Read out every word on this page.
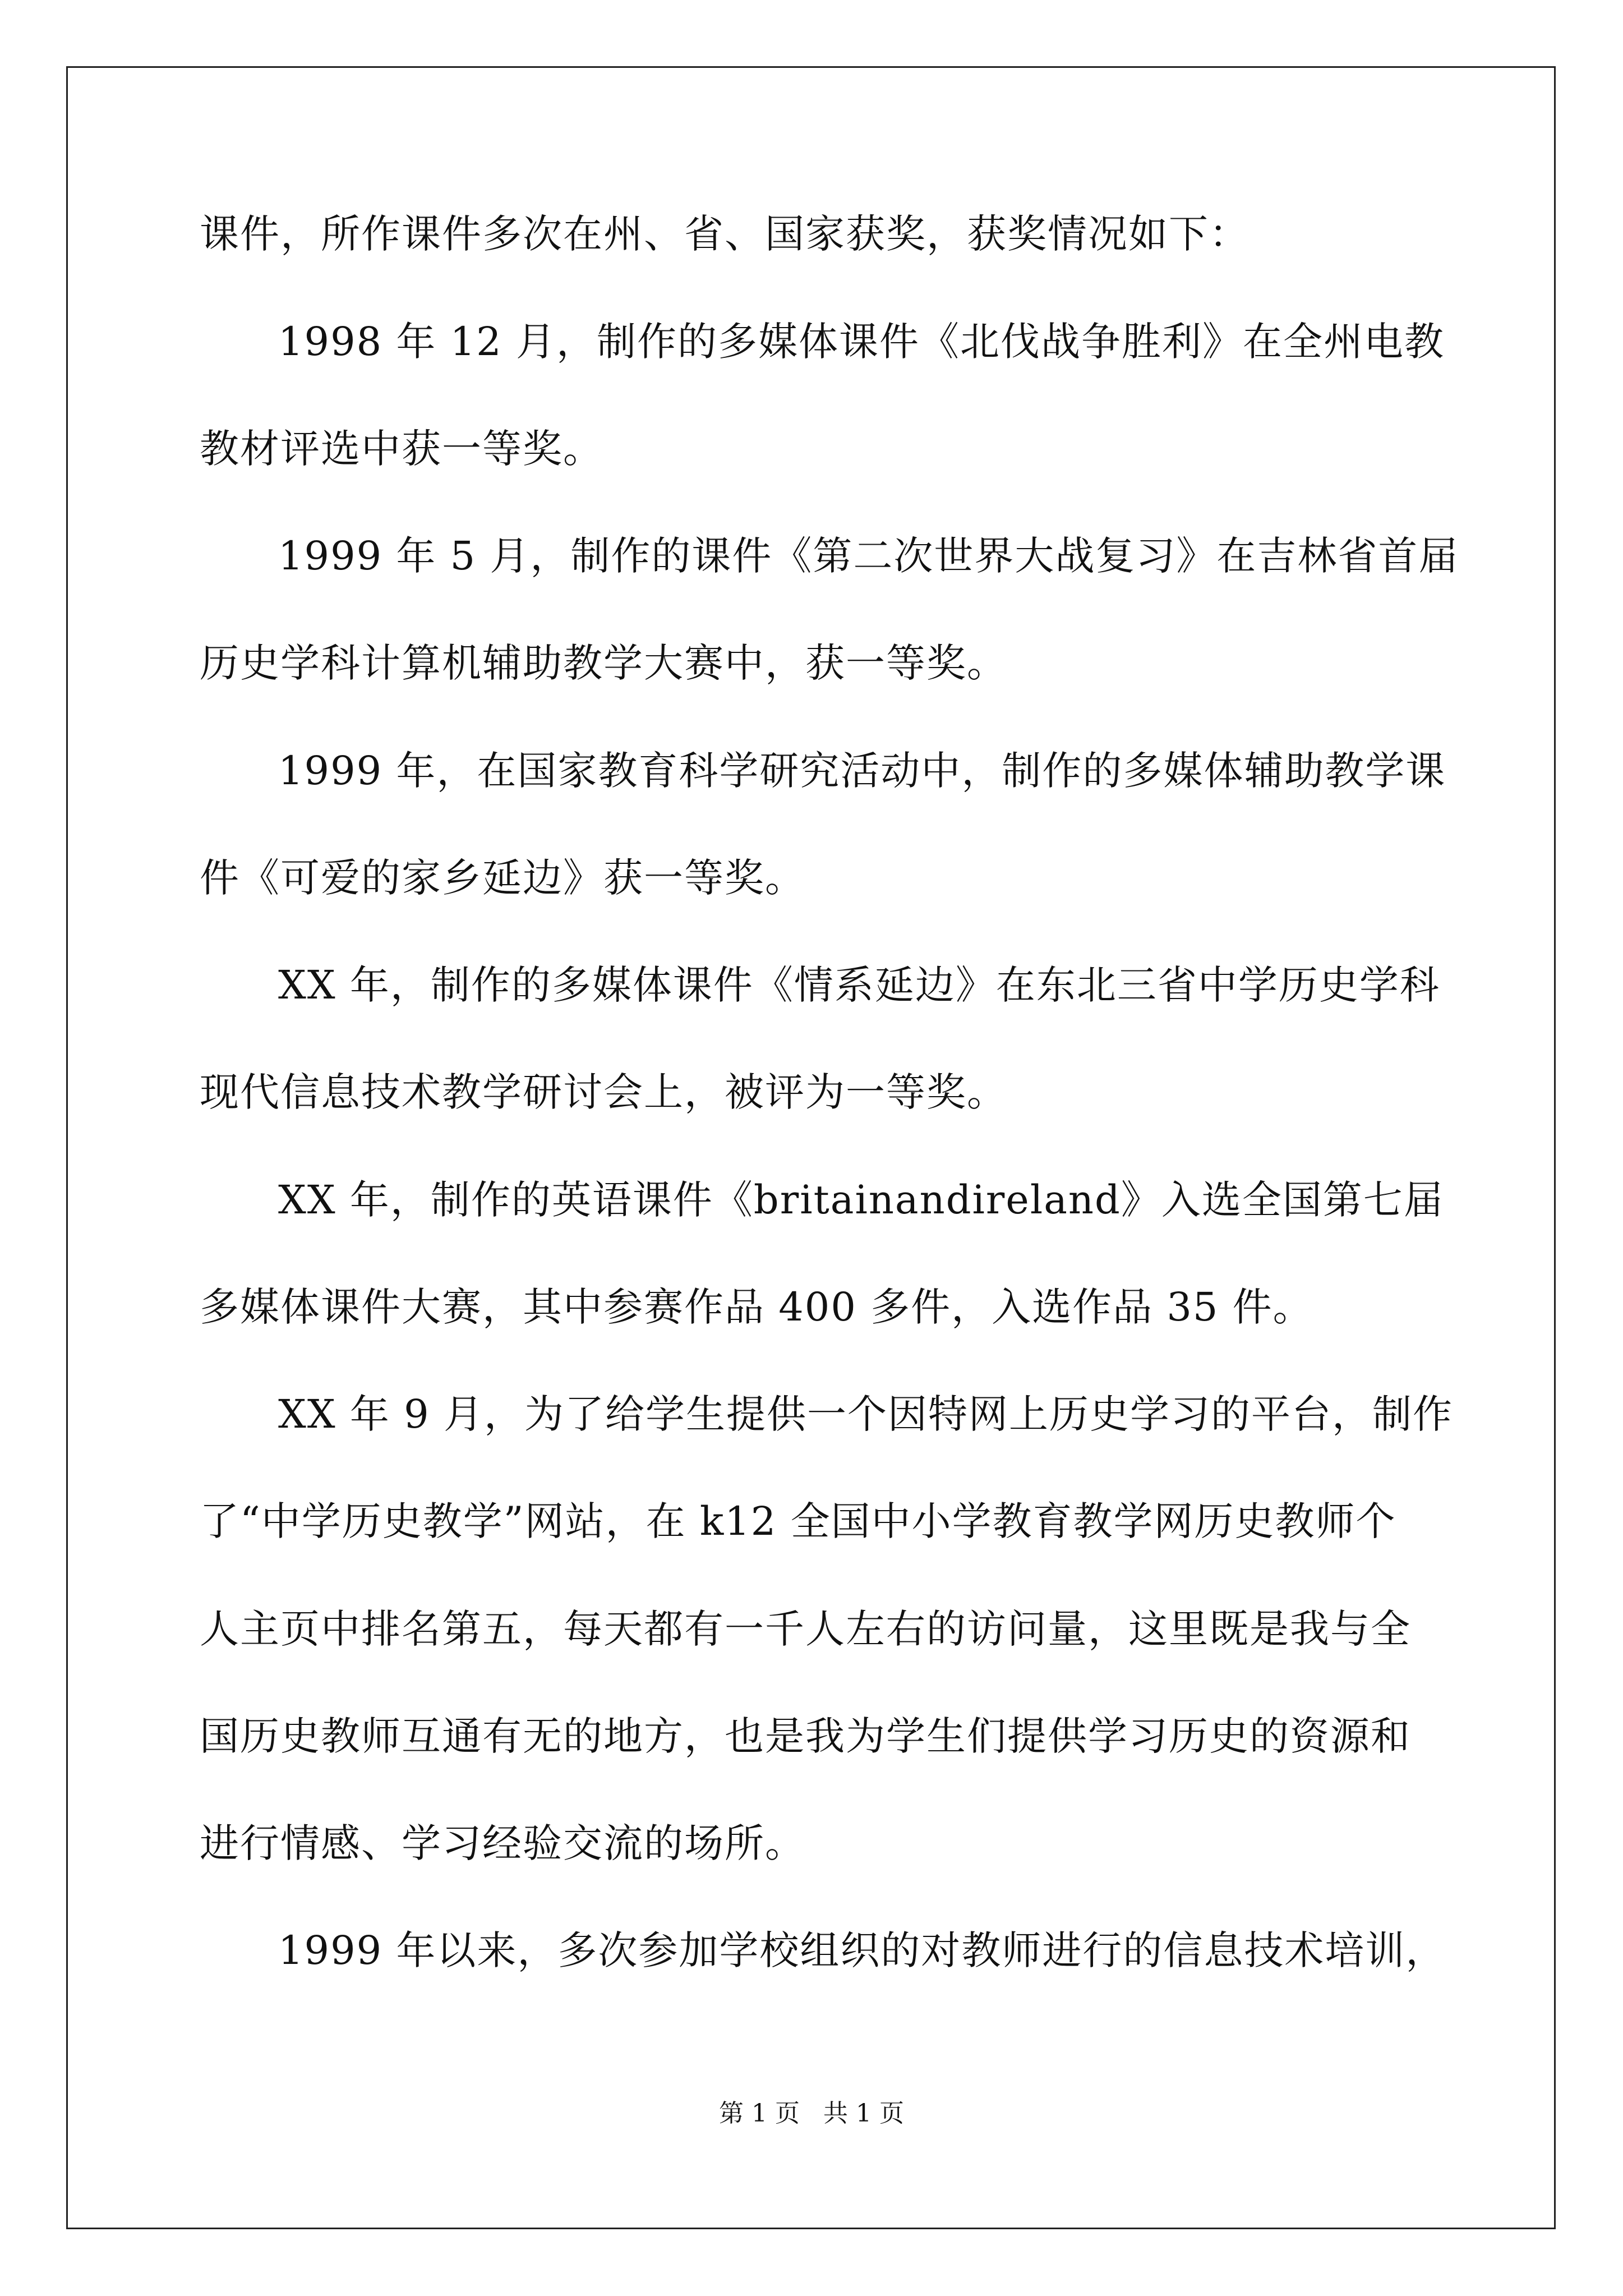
课件，所作课件多次在州、省、国家获奖，获奖情况如下：

1998 年 12 月，制作的多媒体课件《北伐战争胜利》在全州电教

教材评选中获一等奖。

1999 年 5 月，制作的课件《第二次世界大战复习》在吉林省首届

历史学科计算机辅助教学大赛中，获一等奖。

1999 年，在国家教育科学研究活动中，制作的多媒体辅助教学课

件《可爱的家乡延边》获一等奖。

XX 年，制作的多媒体课件《情系延边》在东北三省中学历史学科

现代信息技术教学研讨会上，被评为一等奖。

XX 年，制作的英语课件《britainandireland》入选全国第七届

多媒体课件大赛，其中参赛作品 400 多件，入选作品 35 件。

XX 年 9 月，为了给学生提供一个因特网上历史学习的平台，制作

了“中学历史教学”网站，在 k12 全国中小学教育教学网历史教师个

人主页中排名第五，每天都有一千人左右的访问量，这里既是我与全

国历史教师互通有无的地方，也是我为学生们提供学习历史的资源和

进行情感、学习经验交流的场所。

1999 年以来，多次参加学校组织的对教师进行的信息技术培训，

第 1 页   共 1 页
